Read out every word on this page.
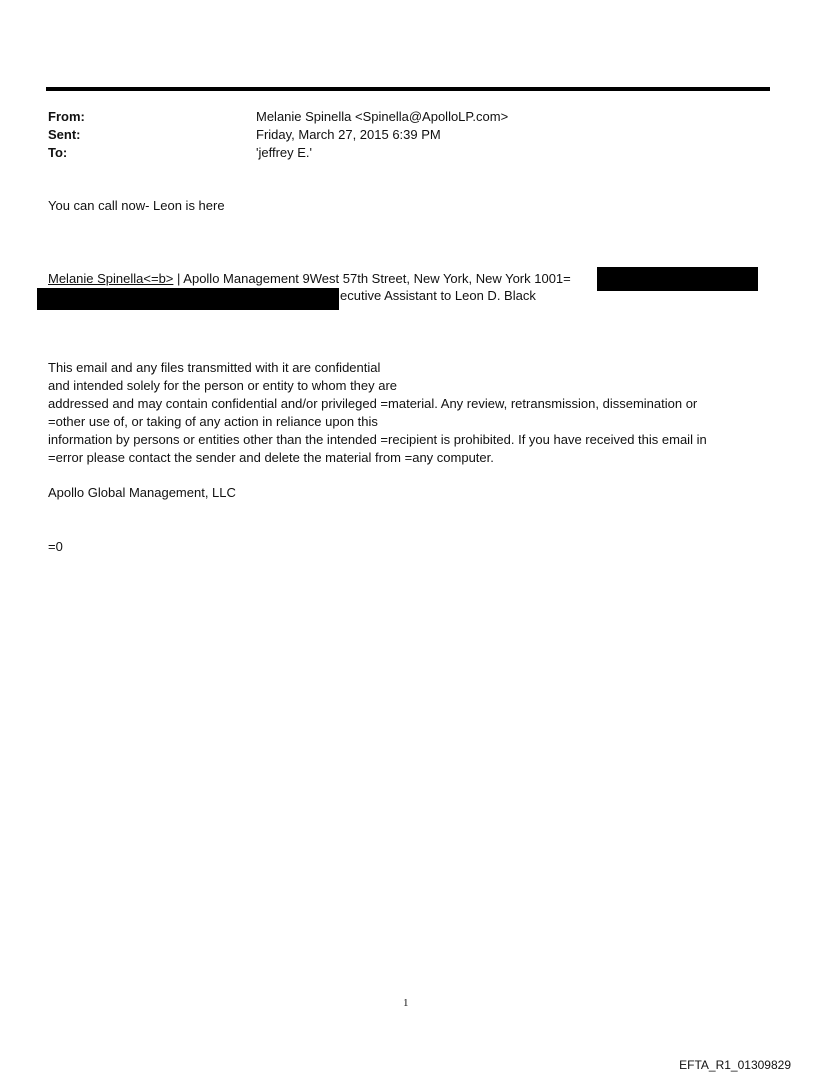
From:	Melanie Spinella <Spinella@ApolloLP.com>
Sent:	Friday, March 27, 2015 6:39 PM
To:	'jeffrey E.'
You can call now- Leon is here
Melanie Spinella<=b> | Apollo Management 9West 57th Street, New York, New York 1001=
ecutive Assistant to Leon D. Black
This email and any files transmitted with it are confidential
and intended solely for the person or entity to whom they are
addressed and may contain confidential and/or privileged =material. Any review, retransmission, dissemination or
=other use of, or taking of any action in reliance upon this
information by persons or entities other than the intended =recipient is prohibited. If you have received this email in
=error please contact the sender and delete the material from =any computer.
Apollo Global Management, LLC
=0
1
EFTA_R1_01309829
